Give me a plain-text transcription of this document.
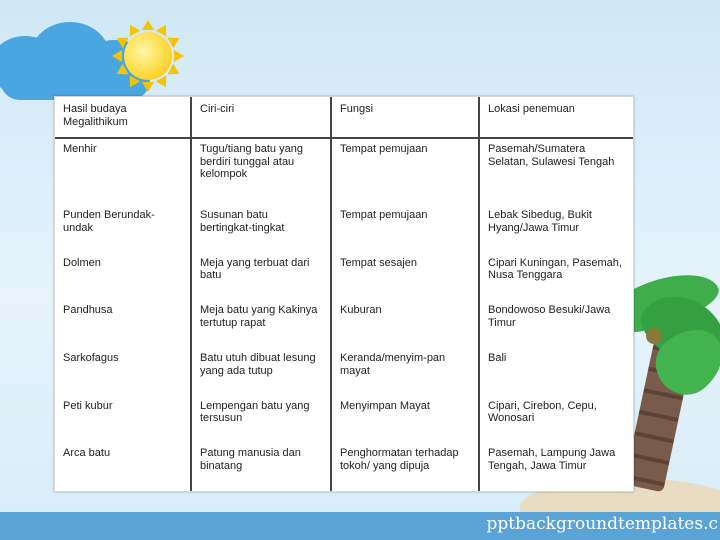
pptbackgroundtemplates.c
Hasil budaya Megalithikum	Ciri-ciri	Fungsi	Lokasi penemuan
Menhir	Tugu/tiang batu yang berdiri tunggal atau kelompok	Tempat pemujaan	Pasemah/Sumatera Selatan, Sulawesi Tengah
Punden Berundak-undak	Susunan batu bertingkat-tingkat	Tempat pemujaan	Lebak Sibedug, Bukit Hyang/Jawa Timur
Dolmen	Meja yang terbuat dari batu	Tempat sesajen	Cipari Kuningan, Pasemah, Nusa Tenggara
Pandhusa	Meja batu yang Kakinya tertutup rapat	Kuburan	Bondowoso Besuki/Jawa Timur
Sarkofagus	Batu utuh dibuat lesung yang ada tutup	Keranda/menyim-pan mayat	Bali
Peti kubur	Lempengan batu yang tersusun	Menyimpan Mayat	Cipari, Cirebon, Cepu, Wonosari
Arca batu	Patung manusia dan binatang	Penghormatan terhadap tokoh/ yang dipuja	Pasemah, Lampung Jawa Tengah, Jawa Timur
